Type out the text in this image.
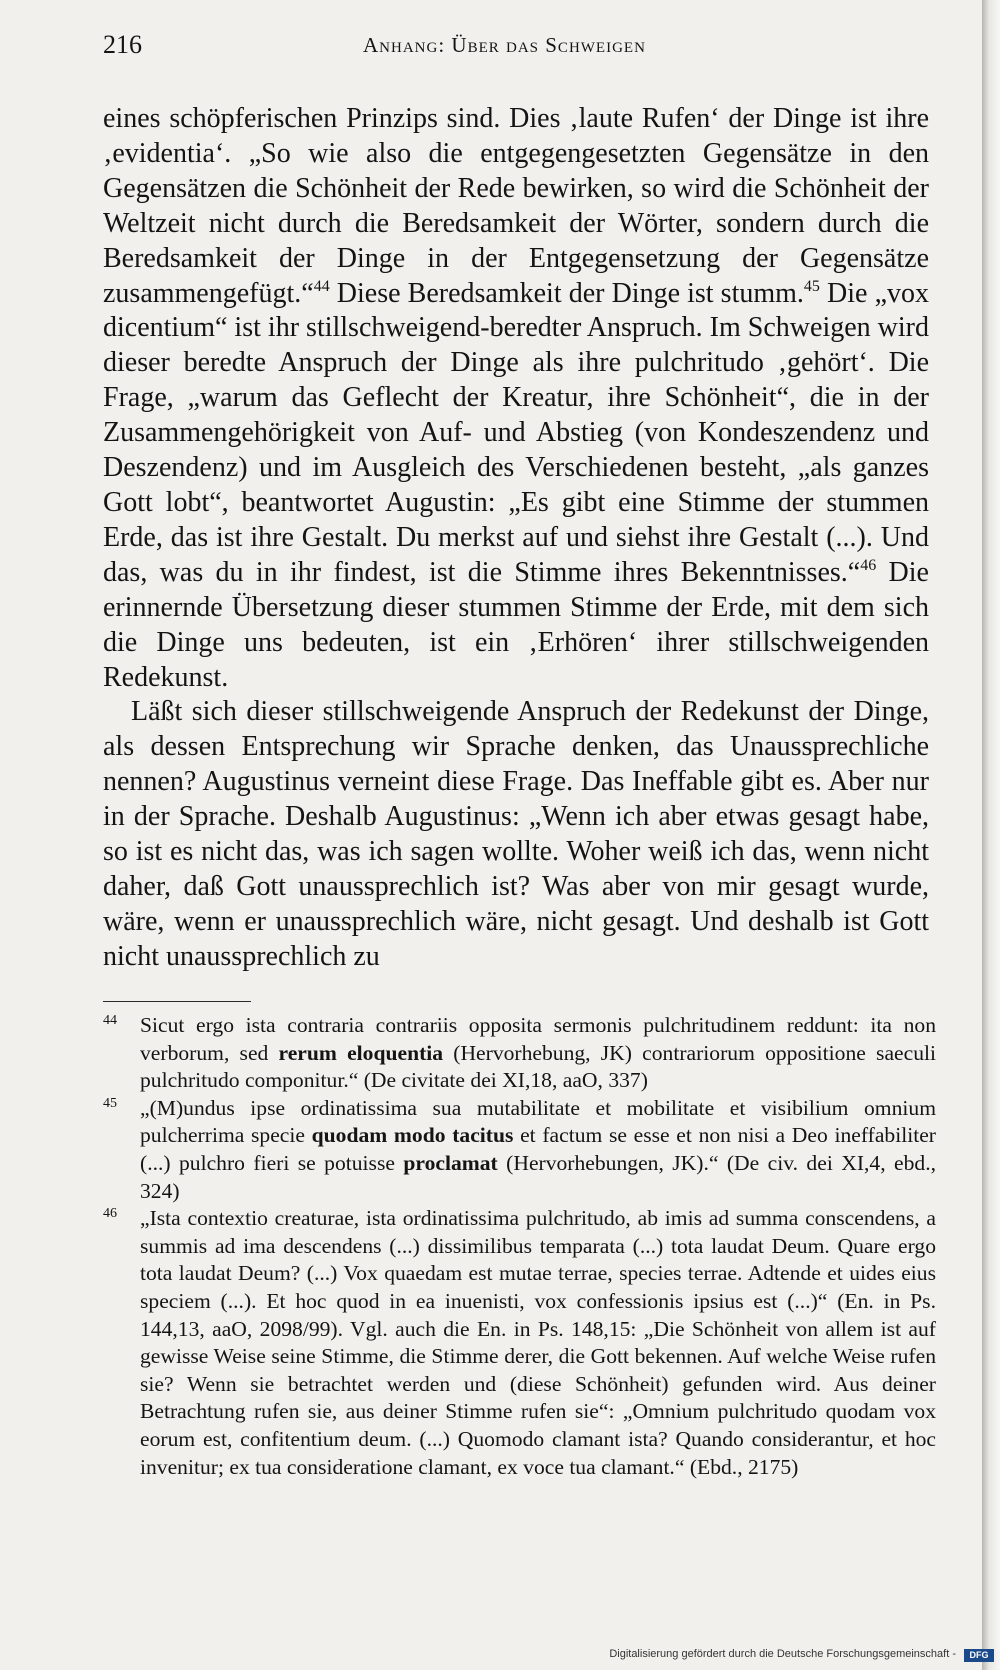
216	Anhang: Über das Schweigen

eines schöpferischen Prinzips sind. Dies ‚laute Rufen‘ der Dinge ist ihre ‚evidentia‘. „So wie also die entgegengesetzten Gegensätze in den Gegensätzen die Schönheit der Rede bewirken, so wird die Schönheit der Weltzeit nicht durch die Beredsamkeit der Wörter, sondern durch die Beredsamkeit der Dinge in der Entgegensetzung der Gegensätze zusammengefügt.“$^{44}$ Diese Beredsamkeit der Dinge ist stumm.$^{45}$ Die „vox dicentium“ ist ihr stillschweigend-beredter Anspruch. Im Schweigen wird dieser beredte Anspruch der Dinge als ihre pulchritudo ‚gehört‘. Die Frage, „warum das Geflecht der Kreatur, ihre Schönheit“, die in der Zusammengehörigkeit von Auf- und Abstieg (von Kondeszendenz und Deszendenz) und im Ausgleich des Verschiedenen besteht, „als ganzes Gott lobt“, beantwortet Augustin: „Es gibt eine Stimme der stummen Erde, das ist ihre Gestalt. Du merkst auf und siehst ihre Gestalt (...). Und das, was du in ihr findest, ist die Stimme ihres Bekenntnisses.“$^{46}$ Die erinnernde Übersetzung dieser stummen Stimme der Erde, mit dem sich die Dinge uns bedeuten, ist ein ‚Erhören‘ ihrer stillschweigenden Redekunst.

Läßt sich dieser stillschweigende Anspruch der Redekunst der Dinge, als dessen Entsprechung wir Sprache denken, das Unaussprechliche nennen? Augustinus verneint diese Frage. Das Ineffable gibt es. Aber nur in der Sprache. Deshalb Augustinus: „Wenn ich aber etwas gesagt habe, so ist es nicht das, was ich sagen wollte. Woher weiß ich das, wenn nicht daher, daß Gott unaussprechlich ist? Was aber von mir gesagt wurde, wäre, wenn er unaussprechlich wäre, nicht gesagt. Und deshalb ist Gott nicht unaussprechlich zu

44 Sicut ergo ista contraria contrariis opposita sermonis pulchritudinem reddunt: ita non verborum, sed rerum eloquentia (Hervorhebung, JK) contrariorum oppositione saeculi pulchritudo componitur.“ (De civitate dei XI,18, aaO, 337)
45 „(M)undus ipse ordinatissima sua mutabilitate et mobilitate et visibilium omnium pulcherrima specie quodam modo tacitus et factum se esse et non nisi a Deo ineffabiliter (...) pulchro fieri se potuisse proclamat (Hervorhebungen, JK).“ (De civ. dei XI,4, ebd., 324)
46 „Ista contextio creaturae, ista ordinatissima pulchritudo, ab imis ad summa conscendens, a summis ad ima descendens (...) dissimilibus temparata (...) tota laudat Deum. Quare ergo tota laudat Deum? (...) Vox quaedam est mutae terrae, species terrae. Adtende et uides eius speciem (...). Et hoc quod in ea inuenisti, vox confessionis ipsius est (...)“ (En. in Ps. 144,13, aaO, 2098/99). Vgl. auch die En. in Ps. 148,15: „Die Schönheit von allem ist auf gewisse Weise seine Stimme, die Stimme derer, die Gott bekennen. Auf welche Weise rufen sie? Wenn sie betrachtet werden und (diese Schönheit) gefunden wird. Aus deiner Betrachtung rufen sie, aus deiner Stimme rufen sie“: „Omnium pulchritudo quodam vox eorum est, confitentium deum. (...) Quomodo clamant ista? Quando considerantur, et hoc invenitur; ex tua consideratione clamant, ex voce tua clamant.“ (Ebd., 2175)
Digitalisierung gefördert durch die Deutsche Forschungsgemeinschaft -	DFG
